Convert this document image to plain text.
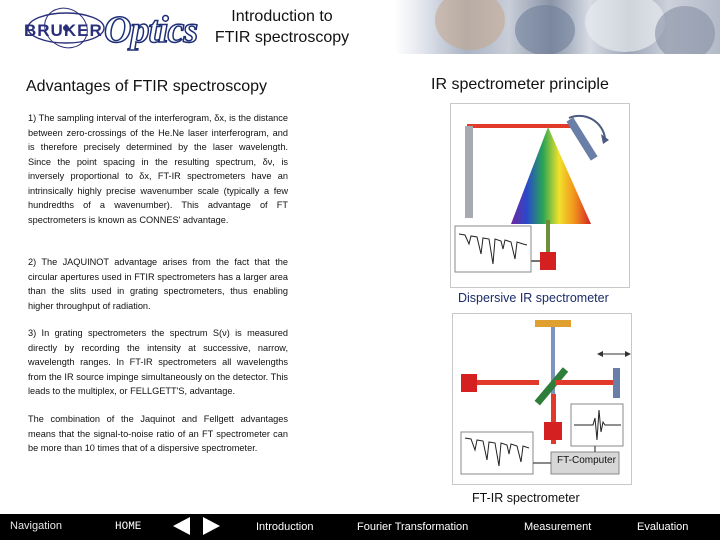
BRUKER Optics	Introduction to
FTIR spectroscopy
Advantages of FTIR spectroscopy

1) The sampling interval of the interferogram, δx, is the distance between zero-crossings of the He.Ne laser interferogram, and is therefore precisely determined by the laser wavelength. Since the point spacing in the resulting spectrum, δν, is inversely proportional to δx, FT-IR spectrometers have an intrinsically highly precise wavenumber scale (typically a few hundredths of a wavenumber). This advantage of FT spectrometers is known as CONNES' advantage.

2) The JAQUINOT advantage arises from the fact that the circular apertures used in FTIR spectrometers has a larger area than the slits used in grating spectrometers, thus enabling higher throughput of radiation.

3) In grating spectrometers the spectrum S(ν) is measured directly by recording the intensity at successive, narrow, wavelength ranges. In FT-IR spectrometers all wavelengths from the IR source impinge simultaneously on the detector. This leads to the multiplex, or FELLGETT'S, advantage.

The combination of the Jaquinot and Fellgett advantages means that the signal-to-noise ratio of an FT spectrometer can be more than 10 times that of a dispersive spectrometer.

IR spectrometer principle
Dispersive IR spectrometer
FT-Computer
FT-IR spectrometer
Navigation	HOME	Introduction	Fourier Transformation	Measurement	Evaluation
